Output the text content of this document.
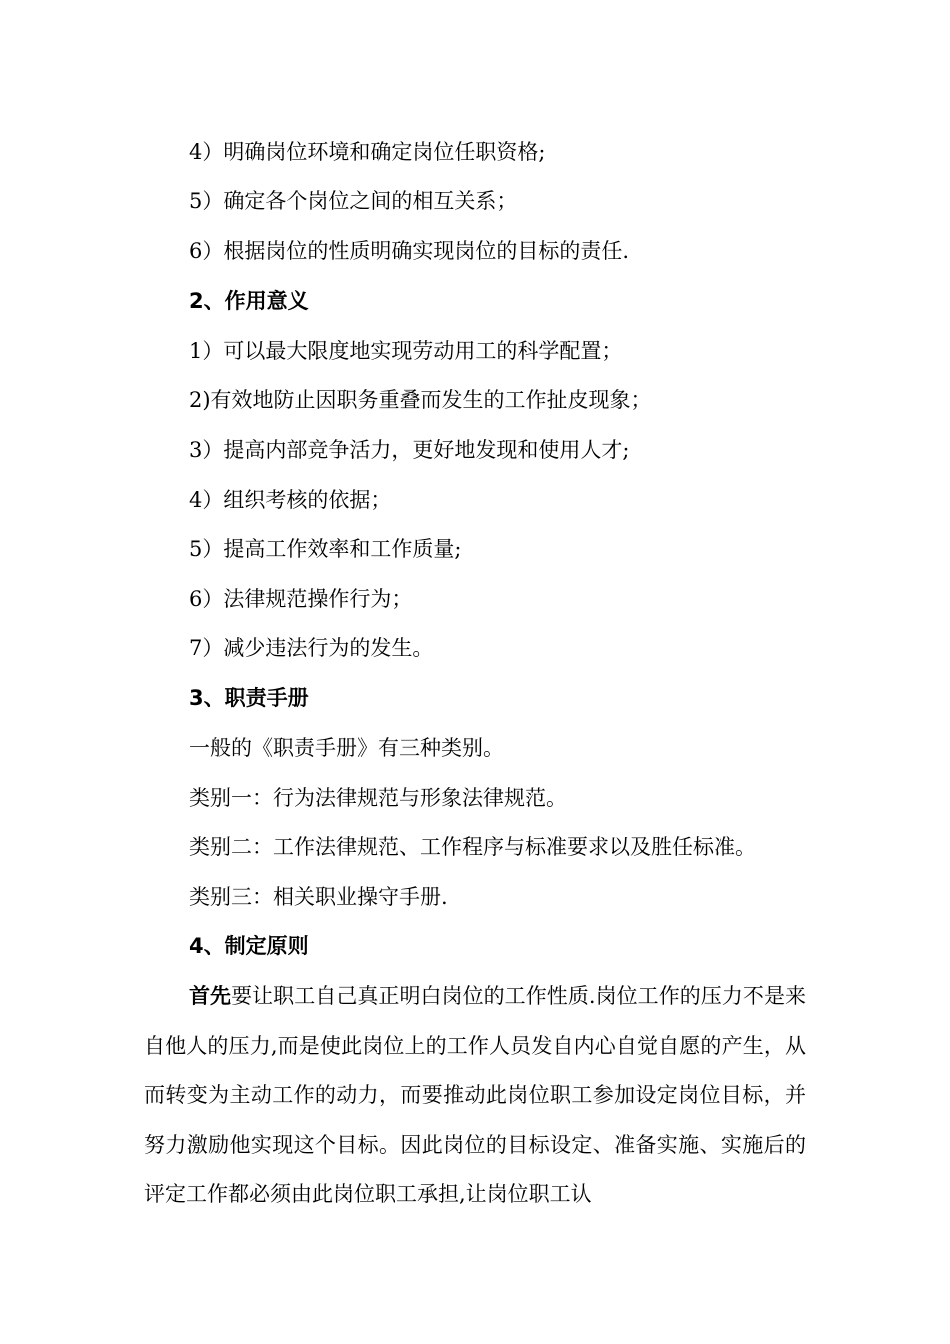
4）明确岗位环境和确定岗位任职资格;
5）确定各个岗位之间的相互关系；
6）根据岗位的性质明确实现岗位的目标的责任.
2、作用意义
1）可以最大限度地实现劳动用工的科学配置；
2)有效地防止因职务重叠而发生的工作扯皮现象；
3）提高内部竞争活力，更好地发现和使用人才;
4）组织考核的依据；
5）提高工作效率和工作质量;
6）法律规范操作行为；
7）减少违法行为的发生。
3、职责手册
一般的《职责手册》有三种类别。
类别一：行为法律规范与形象法律规范。
类别二：工作法律规范、工作程序与标准要求以及胜任标准。
类别三：相关职业操守手册.
4、制定原则
首先要让职工自己真正明白岗位的工作性质.岗位工作的压力不是来自他人的压力,而是使此岗位上的工作人员发自内心自觉自愿的产生，从而转变为主动工作的动力，而要推动此岗位职工参加设定岗位目标，并努力激励他实现这个目标。因此岗位的目标设定、准备实施、实施后的评定工作都必须由此岗位职工承担,让岗位职工认
